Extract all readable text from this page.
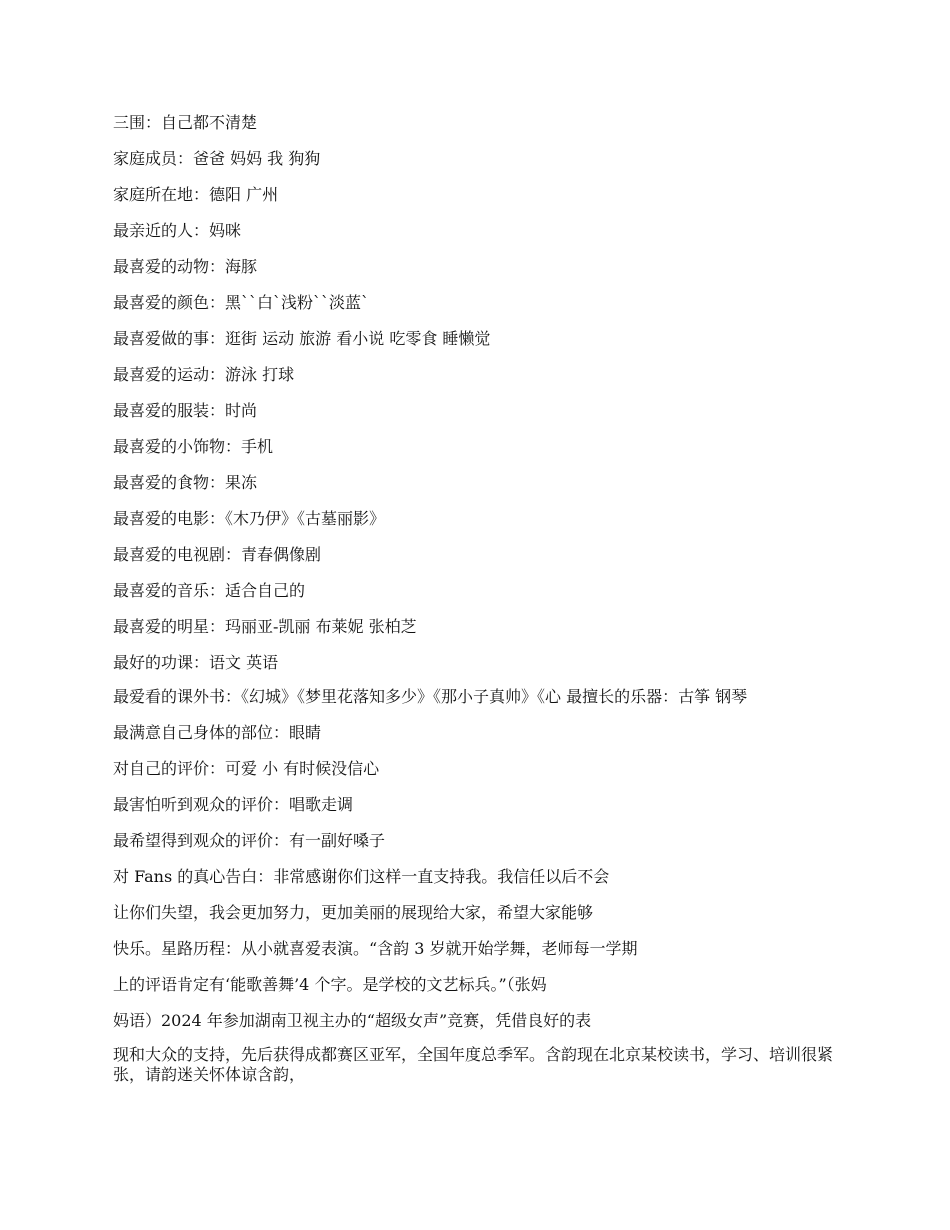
三围：自己都不清楚

家庭成员：爸爸 妈妈 我 狗狗

家庭所在地：德阳 广州

最亲近的人：妈咪

最喜爱的动物：海豚

最喜爱的颜色：黑``白`浅粉``淡蓝`

最喜爱做的事：逛街 运动 旅游 看小说 吃零食 睡懒觉

最喜爱的运动：游泳 打球

最喜爱的服装：时尚

最喜爱的小饰物：手机

最喜爱的食物：果冻

最喜爱的电影：《木乃伊》《古墓丽影》

最喜爱的电视剧：青春偶像剧

最喜爱的音乐：适合自己的

最喜爱的明星：玛丽亚-凯丽 布莱妮 张柏芝

最好的功课：语文 英语

最爱看的课外书：《幻城》《梦里花落知多少》《那小子真帅》《心 最擅长的乐器：古筝 钢琴

最满意自己身体的部位：眼睛

对自己的评价：可爱 小 有时候没信心

最害怕听到观众的评价：唱歌走调

最希望得到观众的评价：有一副好嗓子

对 Fans 的真心告白：非常感谢你们这样一直支持我。我信任以后不会

让你们失望，我会更加努力，更加美丽的展现给大家，希望大家能够

快乐。星路历程：从小就喜爱表演。“含韵 3 岁就开始学舞，老师每一学期

上的评语肯定有‘能歌善舞’4 个字。是学校的文艺标兵。”（张妈

妈语）2024 年参加湖南卫视主办的“超级女声”竞赛，凭借良好的表

现和大众的支持，先后获得成都赛区亚军，全国年度总季军。含韵现在北京某校读书，学习、培训很紧张，请韵迷关怀体谅含韵，
